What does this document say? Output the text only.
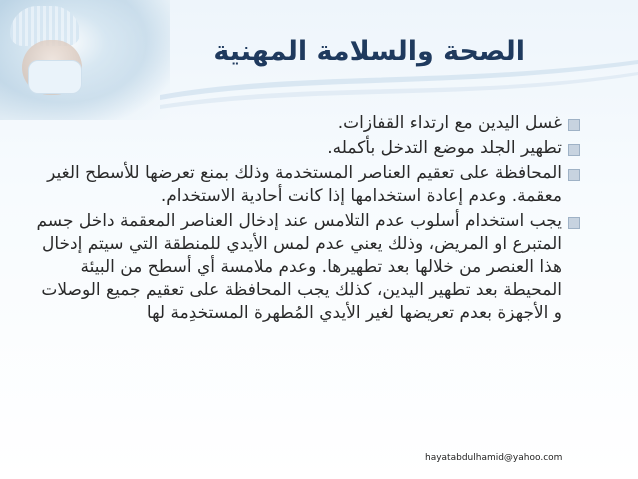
الصحة والسلامة المهنية
غسل اليدين مع ارتداء القفازات.
تطهير الجلد موضع التدخل بأكمله.
المحافظة على تعقيم العناصر المستخدمة وذلك بمنع تعرضها للأسطح الغير معقمة. وعدم إعادة استخدامها إذا كانت أحادية الاستخدام.
يجب استخدام أسلوب عدم التلامس عند إدخال العناصر المعقمة داخل جسم المتبرع او المريض، وذلك يعني عدم لمس الأيدي للمنطقة التي سيتم إدخال هذا العنصر من خلالها بعد تطهيرها. وعدم ملامسة أي أسطح من البيئة المحيطة بعد تطهير اليدين، كذلك يجب المحافظة على تعقيم جميع الوصلات و الأجهزة بعدم تعريضها لغير الأيدي المُطهرة المستخدِمة لها
hayatabdulhamid@yahoo.com
